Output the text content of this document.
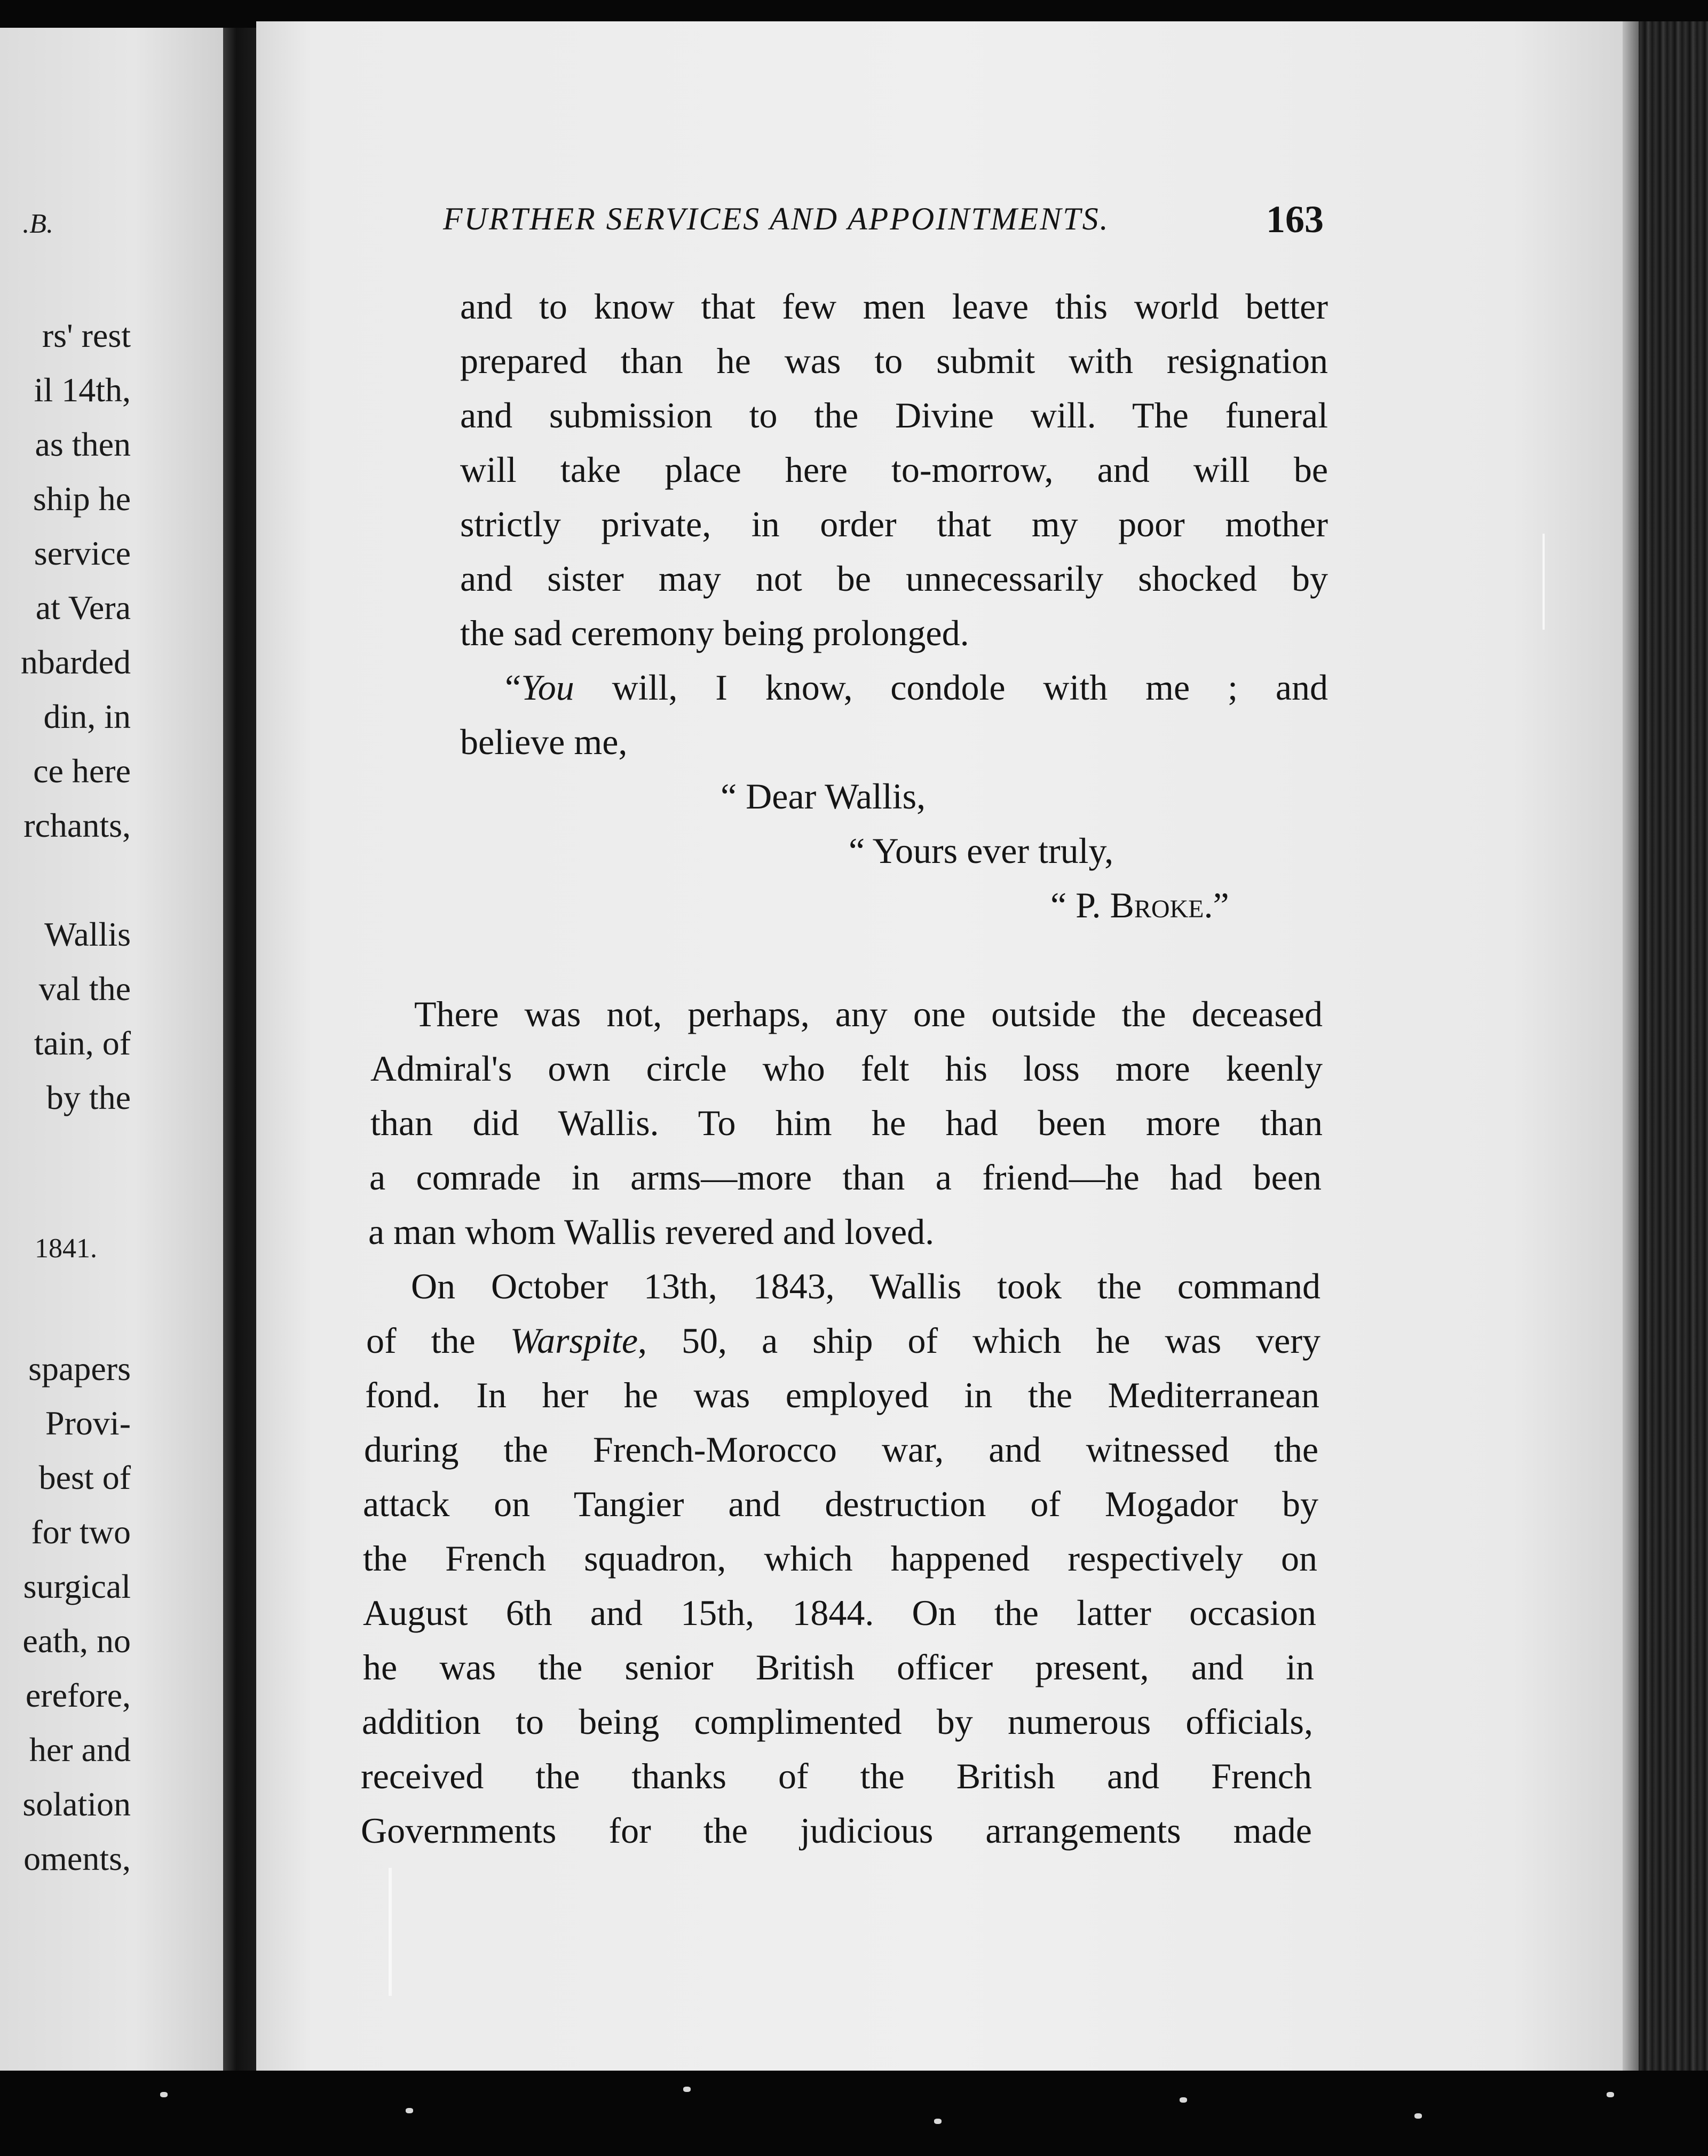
.B.
rs' rest
il 14th,
as then
ship he
service
at Vera
nbarded
din, in
ce here
rchants,
Wallis
val the
tain, of
by the
1841.
spapers
Provi-
best of
for two
surgical
eath, no
erefore,
her and
solation
oments,
FURTHER SERVICES AND APPOINTMENTS.	163
and to know that few men leave this world better
prepared than he was to submit with resignation
and submission to the Divine will. The funeral
will take place here to-morrow, and will be
strictly private, in order that my poor mother
and sister may not be unnecessarily shocked by
the sad ceremony being prolonged.
“You will, I know, condole with me ; and
believe me,
“ Dear Wallis,
“ Yours ever truly,
“ P. Broke.”
There was not, perhaps, any one outside the deceased
Admiral's own circle who felt his loss more keenly
than did Wallis. To him he had been more than
a comrade in arms—more than a friend—he had been
a man whom Wallis revered and loved.
On October 13th, 1843, Wallis took the command
of the Warspite, 50, a ship of which he was very
fond. In her he was employed in the Mediterranean
during the French-Morocco war, and witnessed the
attack on Tangier and destruction of Mogador by
the French squadron, which happened respectively on
August 6th and 15th, 1844. On the latter occasion
he was the senior British officer present, and in
addition to being complimented by numerous officials,
received the thanks of the British and French
Governments for the judicious arrangements made
